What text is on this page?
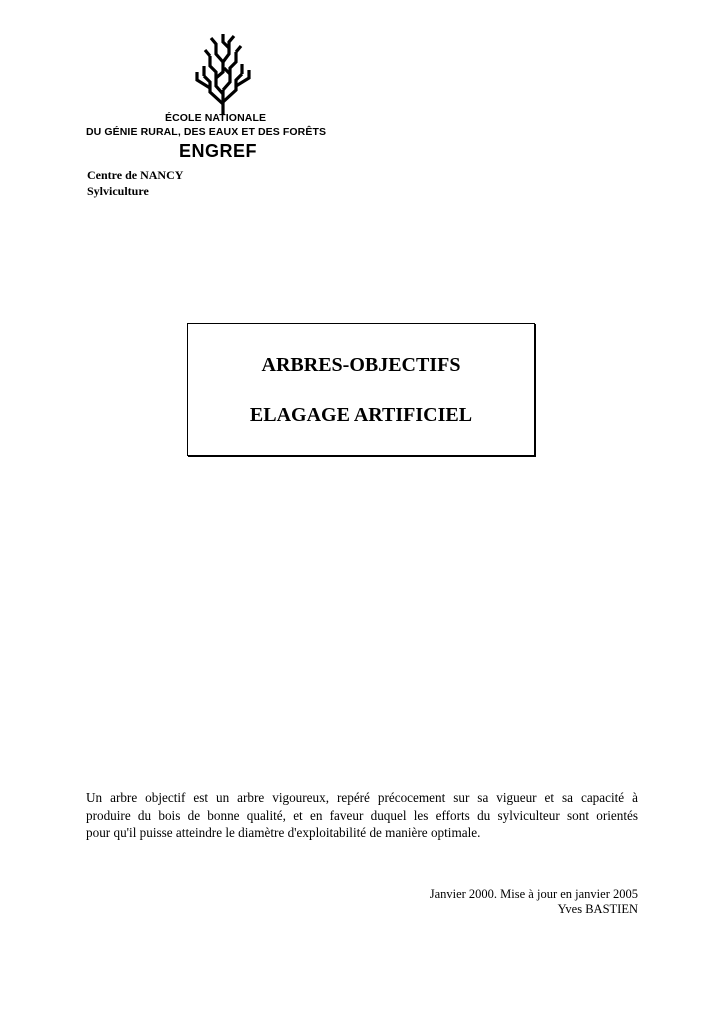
ÉCOLE NATIONALE
DU GÉNIE RURAL, DES EAUX ET DES FORÊTS
ENGREF
Centre de NANCY
Sylviculture
ARBRES-OBJECTIFS
ELAGAGE ARTIFICIEL

Un arbre objectif est un arbre vigoureux, repéré précocement sur sa vigueur et sa capacité à
produire du bois de bonne qualité, et en faveur duquel les efforts du sylviculteur sont orientés
pour qu'il puisse atteindre le diamètre d'exploitabilité de manière optimale.

Janvier 2000. Mise à jour en janvier 2005
Yves BASTIEN
